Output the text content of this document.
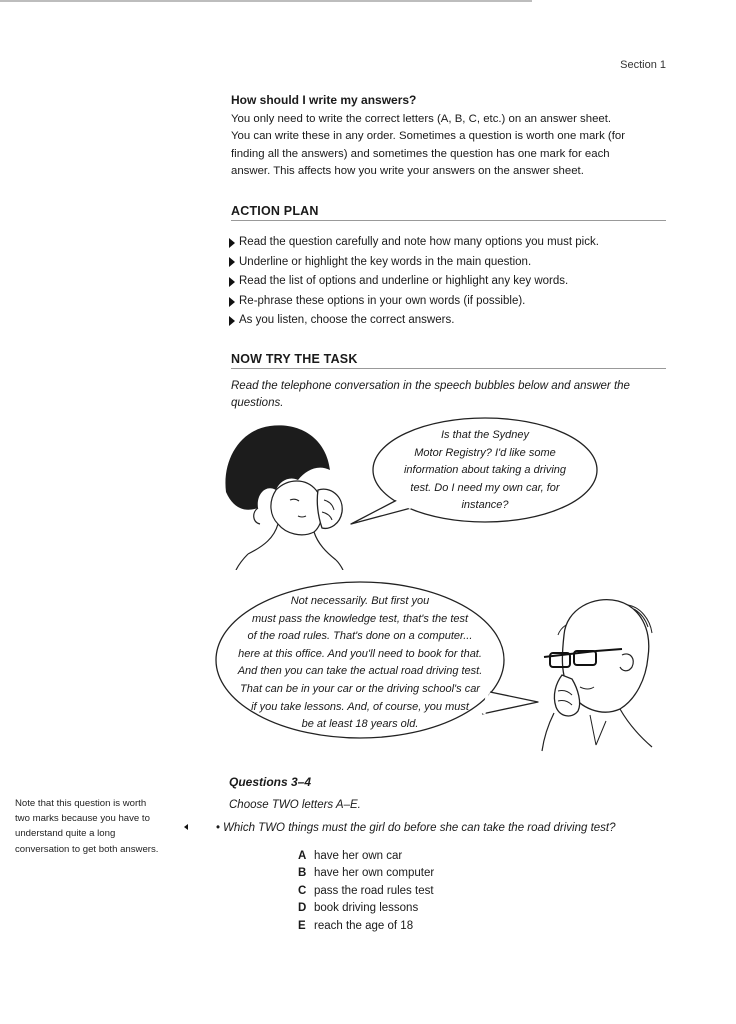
Section 1
How should I write my answers?
You only need to write the correct letters (A, B, C, etc.) on an answer sheet.
You can write these in any order. Sometimes a question is worth one mark (for
finding all the answers) and sometimes the question has one mark for each
answer. This affects how you write your answers on the answer sheet.
ACTION PLAN
Read the question carefully and note how many options you must pick.
Underline or highlight the key words in the main question.
Read the list of options and underline or highlight any key words.
Re-phrase these options in your own words (if possible).
As you listen, choose the correct answers.
NOW TRY THE TASK
Read the telephone conversation in the speech bubbles below and answer the
questions.
Is that the Sydney
Motor Registry? I'd like some
information about taking a driving
test. Do I need my own car, for
instance?
Not necessarily. But first you
must pass the knowledge test, that's the test
of the road rules. That's done on a computer...
here at this office. And you'll need to book for that.
And then you can take the actual road driving test.
That can be in your car or the driving school's car
if you take lessons. And, of course, you must
be at least 18 years old.
Questions 3–4
Choose TWO letters A–E.
• Which TWO things must the girl do before she can take the road driving test?
A have her own car
B have her own computer
C pass the road rules test
D book driving lessons
E reach the age of 18
Note that this question is worth
two marks because you have to
understand quite a long
conversation to get both answers.
